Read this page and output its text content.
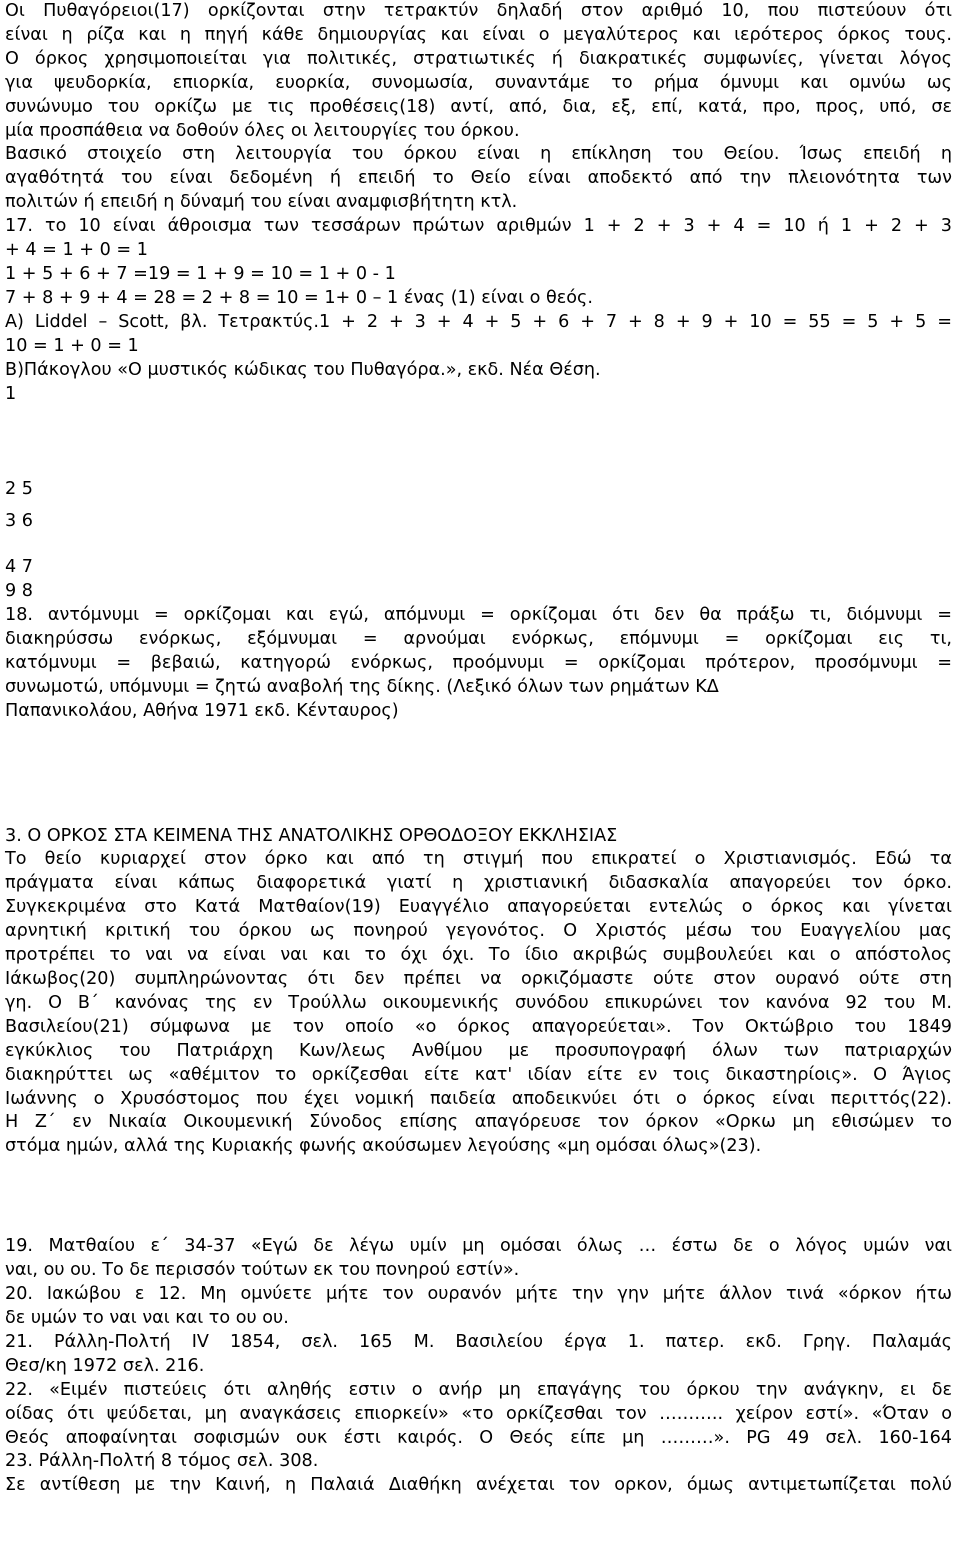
Οι Πυθαγόρειοι(17) ορκίζονται στην τετρακτύν δηλαδή στον αριθμό 10, που πιστεύουν ότι
είναι η ρίζα και η πηγή κάθε δημιουργίας και είναι ο μεγαλύτερος και ιερότερος όρκος τους.
Ο όρκος χρησιμοποιείται για πολιτικές, στρατιωτικές ή διακρατικές συμφωνίες, γίνεται λόγος
για ψευδορκία, επιορκία, ευορκία, συνομωσία, συναντάμε το ρήμα όμνυμι και ομνύω ως
συνώνυμο του ορκίζω με τις προθέσεις(18) αντί, από, δια, εξ, επί, κατά, προ, προς, υπό, σε
μία προσπάθεια να δοθούν όλες οι λειτουργίες του όρκου.
Βασικό στοιχείο στη λειτουργία του όρκου είναι η επίκληση του Θείου. Ίσως επειδή η
αγαθότητά του είναι δεδομένη ή επειδή το Θείο είναι αποδεκτό από την πλειονότητα των
πολιτών ή επειδή η δύναμή του είναι αναμφισβήτητη κτλ.
17. το 10 είναι άθροισμα των τεσσάρων πρώτων αριθμών 1 + 2 + 3 + 4 = 10 ή 1 + 2 + 3
+ 4 = 1 + 0 = 1
1 + 5 + 6 + 7 =19 = 1 + 9 = 10 = 1 + 0 - 1
7 + 8 + 9 + 4 = 28 = 2 + 8 = 10 = 1+ 0 – 1 ένας (1) είναι ο θεός.
Α) Liddel – Scott, βλ. Τετρακτύς.1 + 2 + 3 + 4 + 5 + 6 + 7 + 8 + 9 + 10 = 55 = 5 + 5 =
10 = 1 + 0 = 1
Β)Πάκογλου «Ο μυστικός κώδικας του Πυθαγόρα.», εκδ. Νέα Θέση.
1
2 5
3 6
4 7
9 8
18. αντόμνυμι = ορκίζομαι και εγώ, απόμνυμι = ορκίζομαι ότι δεν θα πράξω τι, διόμνυμι =
διακηρύσσω ενόρκως, εξόμνυμαι = αρνούμαι ενόρκως, επόμνυμι = ορκίζομαι εις τι,
κατόμνυμι = βεβαιώ, κατηγορώ ενόρκως, προόμνυμι = ορκίζομαι πρότερον, προσόμνυμι =
συνωμοτώ, υπόμνυμι = ζητώ αναβολή της δίκης. (Λεξικό όλων των ρημάτων ΚΔ
Παπανικολάου, Αθήνα 1971 εκδ. Κένταυρος)
3. Ο ΟΡΚΟΣ ΣΤΑ ΚΕΙΜΕΝΑ ΤΗΣ ΑΝΑΤΟΛΙΚΗΣ ΟΡΘΟΔΟΞΟΥ ΕΚΚΛΗΣΙΑΣ
Το θείο κυριαρχεί στον όρκο και από τη στιγμή που επικρατεί ο Χριστιανισμός. Εδώ τα
πράγματα είναι κάπως διαφορετικά γιατί η χριστιανική διδασκαλία απαγορεύει τον όρκο.
Συγκεκριμένα στο Κατά Ματθαίον(19) Ευαγγέλιο απαγορεύεται εντελώς ο όρκος και γίνεται
αρνητική κριτική του όρκου ως πονηρού γεγονότος. Ο Χριστός μέσω του Ευαγγελίου μας
προτρέπει το ναι να είναι ναι και το όχι όχι. Το ίδιο ακριβώς συμβουλεύει και ο απόστολος
Ιάκωβος(20) συμπληρώνοντας ότι δεν πρέπει να ορκιζόμαστε ούτε στον ουρανό ούτε στη
γη. Ο Β΄ κανόνας της εν Τρούλλω οικουμενικής συνόδου επικυρώνει τον κανόνα 92 του Μ.
Βασιλείου(21) σύμφωνα με τον οποίο «ο όρκος απαγορεύεται». Τον Οκτώβριο του 1849
εγκύκλιος του Πατριάρχη Κων/λεως Ανθίμου με προσυπογραφή όλων των πατριαρχών
διακηρύττει ως «αθέμιτον το ορκίζεσθαι είτε κατ' ιδίαν είτε εν τοις δικαστηρίοις». Ο Άγιος
Ιωάννης ο Χρυσόστομος που έχει νομική παιδεία αποδεικνύει ότι ο όρκος είναι περιττός(22).
Η Ζ΄ εν Νικαία Οικουμενική Σύνοδος επίσης απαγόρευσε τον όρκον «Ορκω μη εθισώμεν το
στόμα ημών, αλλά της Κυριακής φωνής ακούσωμεν λεγούσης «μη ομόσαι όλως»(23).
19. Ματθαίου ε΄ 34-37 «Εγώ δε λέγω υμίν μη ομόσαι όλως … έστω δε ο λόγος υμών ναι
ναι, ου ου. Το δε περισσόν τούτων εκ του πονηρού εστίν».
20. Ιακώβου ε 12. Μη ομνύετε μήτε τον ουρανόν μήτε την γην μήτε άλλον τινά «όρκον ήτω
δε υμών το ναι ναι και το ου ου.
21. Ράλλη-Πολτή IV 1854, σελ. 165 Μ. Βασιλείου έργα 1. πατερ. εκδ. Γρηγ. Παλαμάς
Θεσ/κη 1972 σελ. 216.
22. «Ειμέν πιστεύεις ότι αληθής εστιν ο ανήρ μη επαγάγης του όρκου την ανάγκην, ει δε
οίδας ότι ψεύδεται, μη αναγκάσεις επιορκείν» «το ορκίζεσθαι τον ……….. χείρον εστί». «Όταν ο
Θεός αποφαίνηται σοφισμών ουκ έστι καιρός. Ο Θεός είπε μη ………». PG 49 σελ. 160-164
23. Ράλλη-Πολτή 8 τόμος σελ. 308.
Σε αντίθεση με την Καινή, η Παλαιά Διαθήκη ανέχεται τον ορκον, όμως αντιμετωπίζεται πολύ
